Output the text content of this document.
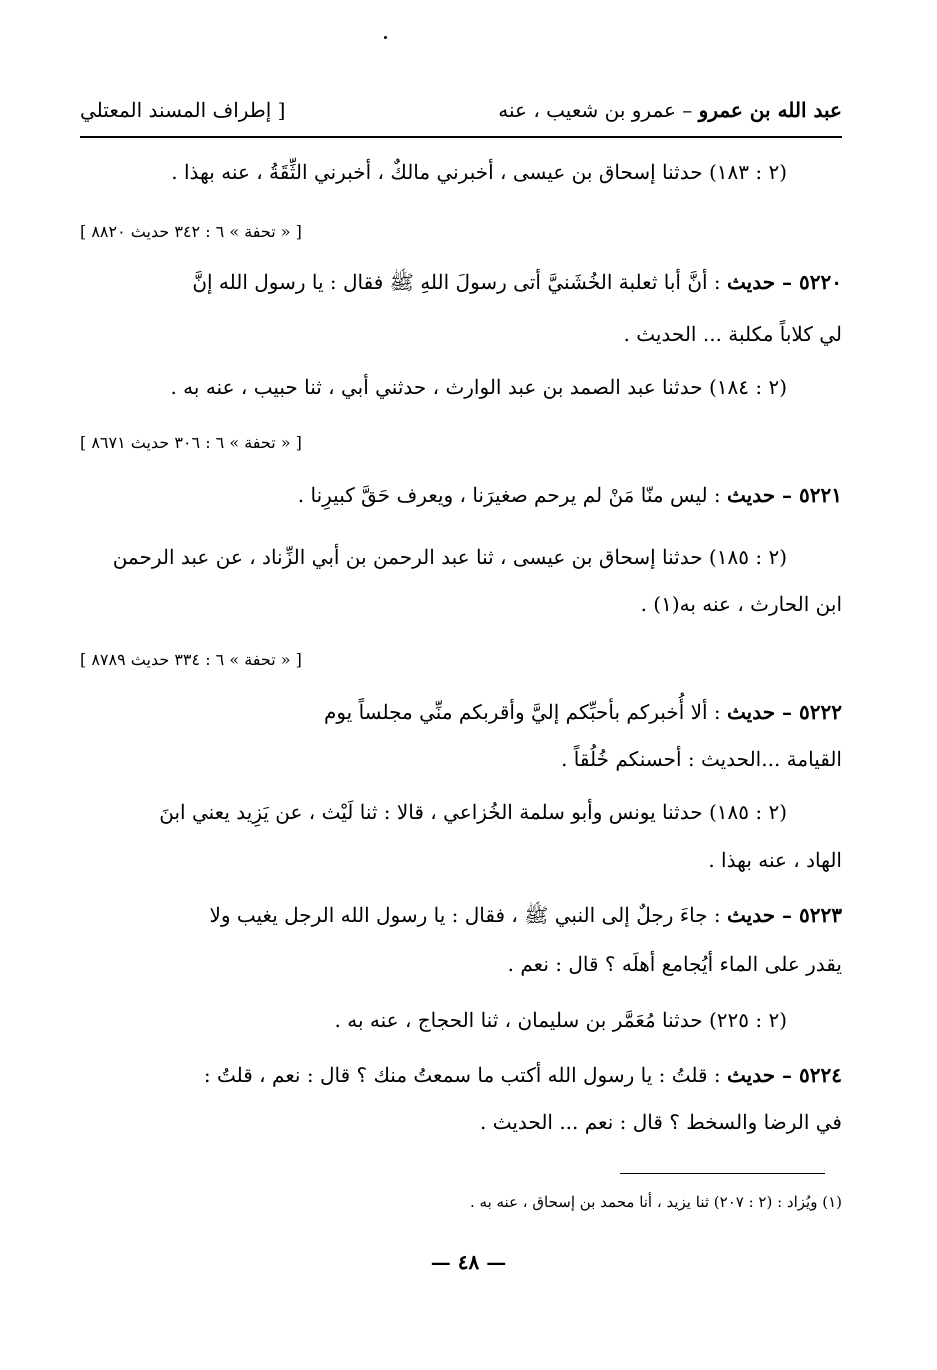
عبد الله بن عمرو – عمرو بن شعيب ، عنه
[ إطراف المسند المعتلي
(٢ : ١٨٣) حدثنا إسحاق بن عيسى ، أخبرني مالكٌ ، أخبرني الثِّقَةُ ، عنه بهذا .
[ « تحفة » ٦ : ٣٤٢ حديث ٨٨٢٠ ]
٥٢٢٠ – حديث : أنَّ أبا ثعلبة الخُشَنيَّ أتى رسولَ اللهِ ﷺ فقال : يا رسول الله إنَّ
لي كلاباً مكلبة ... الحديث .
(٢ : ١٨٤) حدثنا عبد الصمد بن عبد الوارث ، حدثني أبي ، ثنا حبيب ، عنه به .
[ « تحفة » ٦ : ٣٠٦ حديث ٨٦٧١ ]
٥٢٢١ – حديث : ليس منّا مَنْ لم يرحم صغيرَنا ، ويعرف حَقَّ كبيرِنا .
(٢ : ١٨٥) حدثنا إسحاق بن عيسى ، ثنا عبد الرحمن بن أبي الزِّناد ، عن عبد الرحمن
ابن الحارث ، عنه به(١) .
[ « تحفة » ٦ : ٣٣٤ حديث ٨٧٨٩ ]
٥٢٢٢ – حديث : ألا أُخبركم بأحبِّكم إليَّ وأقربكم منِّي مجلساً يوم
القيامة ...الحديث : أحسنكم خُلُقاً .
(٢ : ١٨٥) حدثنا يونس وأبو سلمة الخُزاعي ، قالا : ثنا لَيْث ، عن يَزِيد يعني ابنَ
الهاد ، عنه بهذا .
٥٢٢٣ – حديث : جاءَ رجلٌ إلى النبي ﷺ ، فقال : يا رسول الله الرجل يغيب ولا
يقدر على الماء أيُجامع أهلَه ؟ قال : نعم .
(٢ : ٢٢٥) حدثنا مُعَمَّر بن سليمان ، ثنا الحجاج ، عنه به .
٥٢٢٤ – حديث : قلتُ : يا رسول الله أكتب ما سمعتُ منك ؟ قال : نعم ، قلتُ :
في الرضا والسخط ؟ قال : نعم ... الحديث .
(١) ويُزاد : (٢ : ٢٠٧) ثنا يزيد ، أنا محمد بن إسحاق ، عنه به .
— ٤٨ —
